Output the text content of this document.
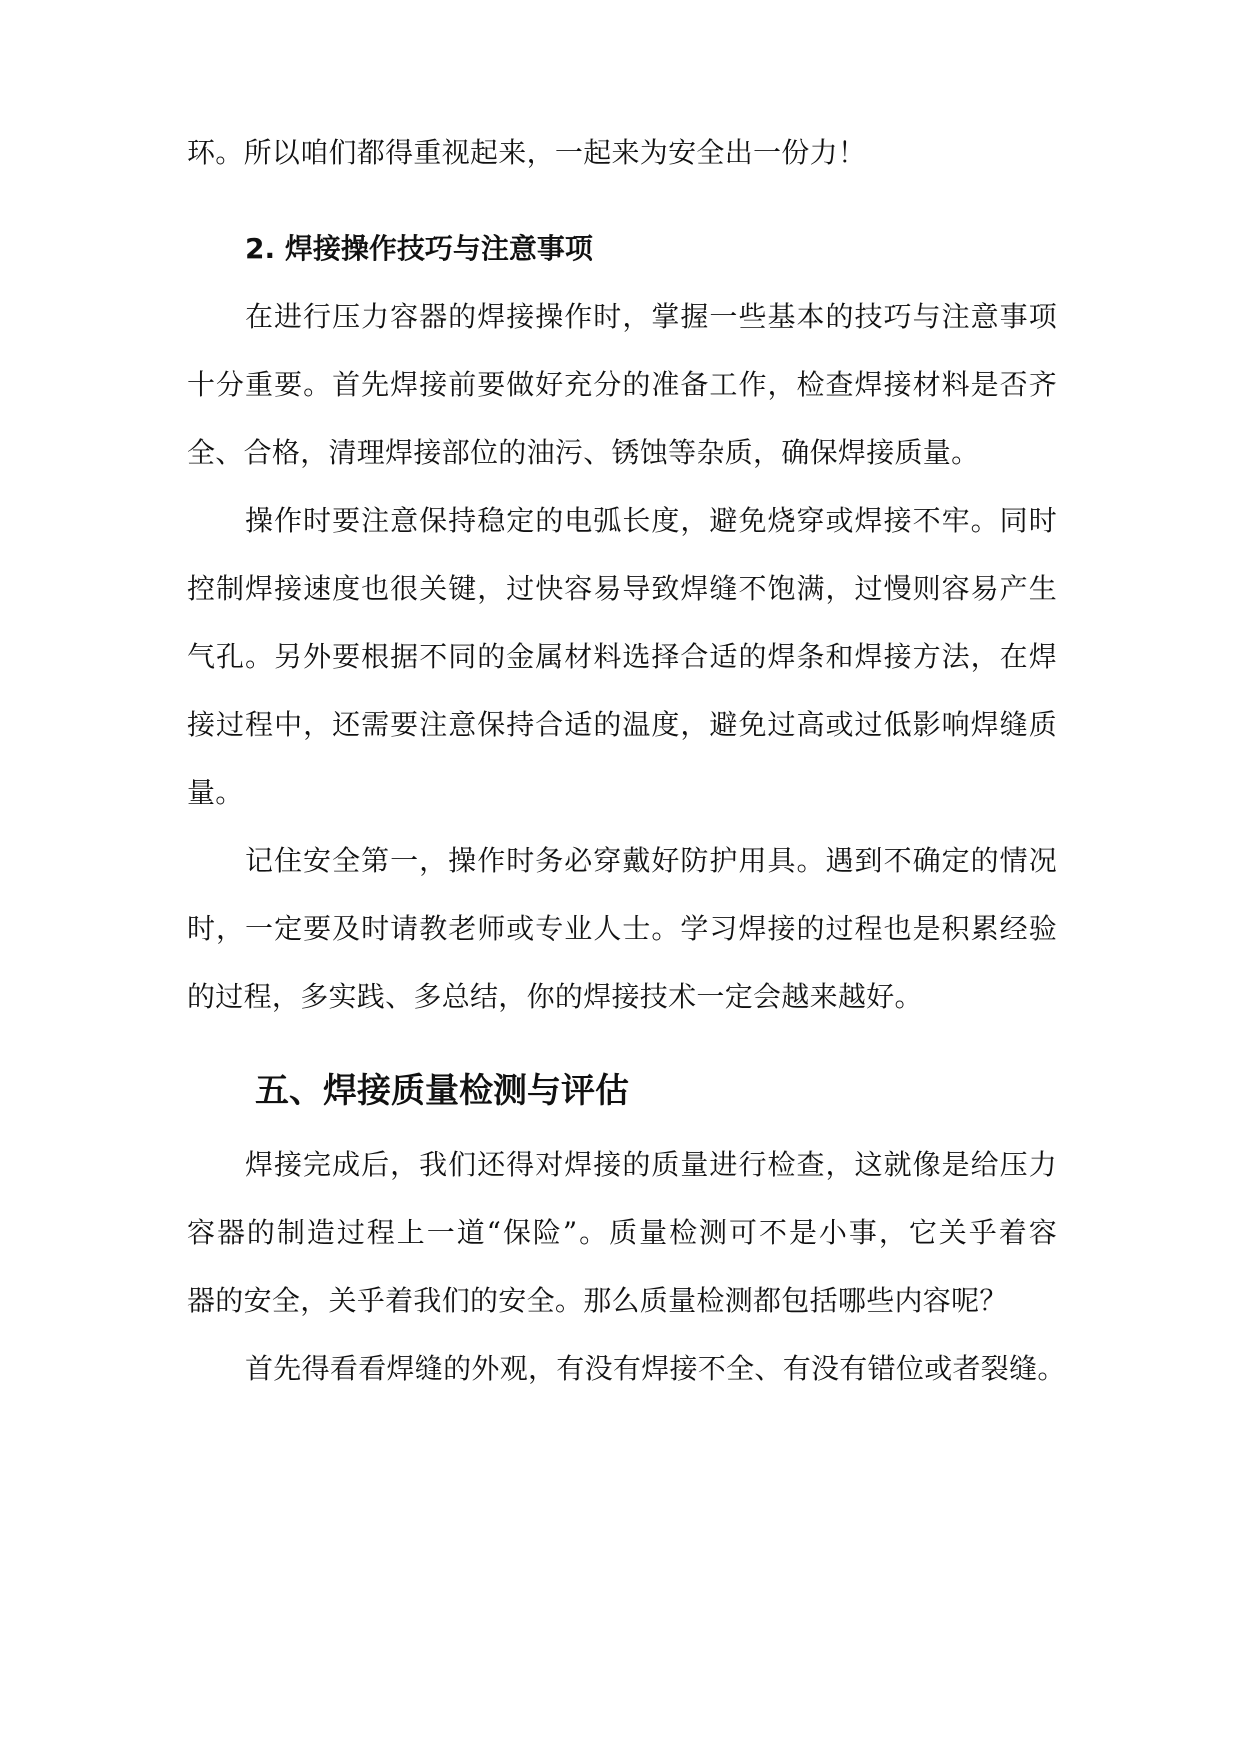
环。所以咱们都得重视起来，一起来为安全出一份力！
2. 焊接操作技巧与注意事项
在进行压力容器的焊接操作时，掌握一些基本的技巧与注意事项
十分重要。首先焊接前要做好充分的准备工作，检查焊接材料是否齐
全、合格，清理焊接部位的油污、锈蚀等杂质，确保焊接质量。
操作时要注意保持稳定的电弧长度，避免烧穿或焊接不牢。同时
控制焊接速度也很关键，过快容易导致焊缝不饱满，过慢则容易产生
气孔。另外要根据不同的金属材料选择合适的焊条和焊接方法，在焊
接过程中，还需要注意保持合适的温度，避免过高或过低影响焊缝质
量。
记住安全第一，操作时务必穿戴好防护用具。遇到不确定的情况
时，一定要及时请教老师或专业人士。学习焊接的过程也是积累经验
的过程，多实践、多总结，你的焊接技术一定会越来越好。
五、焊接质量检测与评估
焊接完成后，我们还得对焊接的质量进行检查，这就像是给压力
容器的制造过程上一道“保险”。质量检测可不是小事，它关乎着容
器的安全，关乎着我们的安全。那么质量检测都包括哪些内容呢？
首先得看看焊缝的外观，有没有焊接不全、有没有错位或者裂缝。
